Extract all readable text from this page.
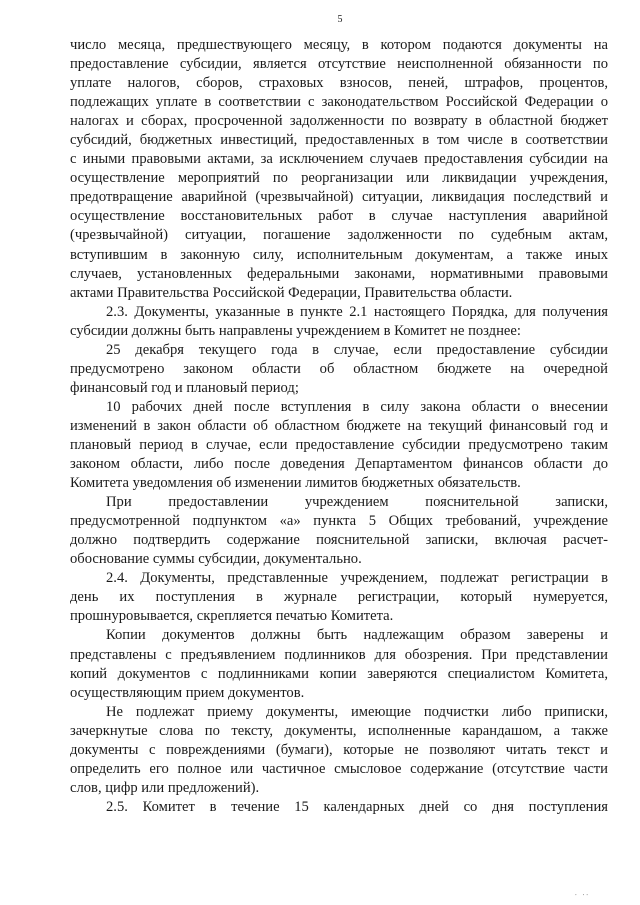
5
число месяца, предшествующего месяцу, в котором подаются документы на
предоставление субсидии, является отсутствие неисполненной обязанности по
уплате налогов, сборов, страховых взносов, пеней, штрафов, процентов,
подлежащих уплате в соответствии с законодательством Российской Федерации о
налогах и сборах, просроченной задолженности по возврату в областной бюджет
субсидий, бюджетных инвестиций, предоставленных в том числе в соответствии
с иными правовыми актами, за исключением случаев предоставления субсидии на
осуществление мероприятий по реорганизации или ликвидации учреждения,
предотвращение аварийной (чрезвычайной) ситуации, ликвидация последствий и
осуществление восстановительных работ в случае наступления аварийной
(чрезвычайной) ситуации, погашение задолженности по судебным актам,
вступившим в законную силу, исполнительным документам, а также иных
случаев, установленных федеральными законами, нормативными правовыми
актами Правительства Российской Федерации, Правительства области.
2.3. Документы, указанные в пункте 2.1 настоящего Порядка, для получения
субсидии должны быть направлены учреждением в Комитет не позднее:
25 декабря текущего года в случае, если предоставление субсидии
предусмотрено законом области об областном бюджете на очередной
финансовый год и плановый период;
10 рабочих дней после вступления в силу закона области о внесении
изменений в закон области об областном бюджете на текущий финансовый год и
плановый период в случае, если предоставление субсидии предусмотрено таким
законом области, либо после доведения Департаментом финансов области до
Комитета уведомления об изменении лимитов бюджетных обязательств.
При предоставлении учреждением пояснительной записки,
предусмотренной подпунктом «а» пункта 5 Общих требований, учреждение
должно подтвердить содержание пояснительной записки, включая расчет-
обоснование суммы субсидии, документально.
2.4. Документы, представленные учреждением, подлежат регистрации в
день их поступления в журнале регистрации, который нумеруется,
прошнуровывается, скрепляется печатью Комитета.
Копии документов должны быть надлежащим образом заверены и
представлены с предъявлением подлинников для обозрения. При представлении
копий документов с подлинниками копии заверяются специалистом Комитета,
осуществляющим прием документов.
Не подлежат приему документы, имеющие подчистки либо приписки,
зачеркнутые слова по тексту, документы, исполненные карандашом, а также
документы с повреждениями (бумаги), которые не позволяют читать текст и
определить его полное или частичное смысловое содержание (отсутствие части
слов, цифр или предложений).
2.5. Комитет в течение 15 календарных дней со дня поступления
∙ ∙∙
